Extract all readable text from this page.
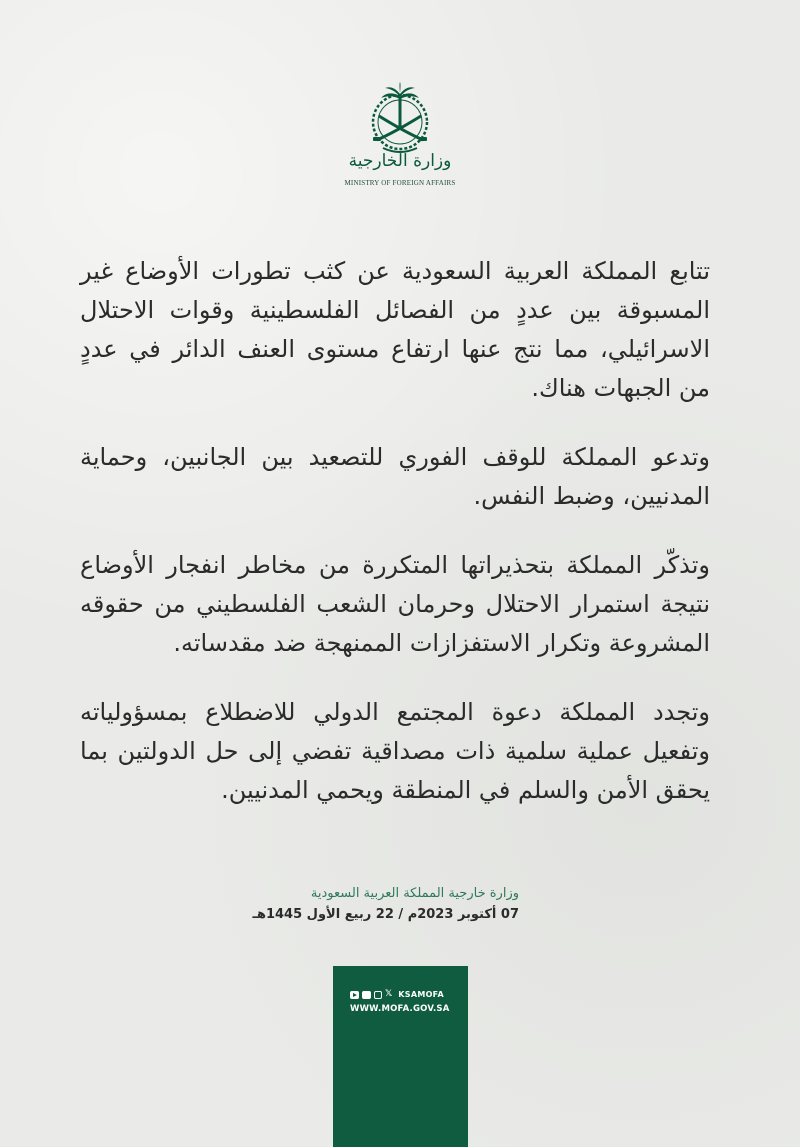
وزارة الخارجية
MINISTRY OF FOREIGN AFFAIRS

تتابع المملكة العربية السعودية عن كثب تطورات الأوضاع غير المسبوقة بين عددٍ من الفصائل الفلسطينية وقوات الاحتلال الاسرائيلي، مما نتج عنها ارتفاع مستوى العنف الدائر في عددٍ من الجبهات هناك.

وتدعو المملكة للوقف الفوري للتصعيد بين الجانبين، وحماية المدنيين، وضبط النفس.

وتذكّر المملكة بتحذيراتها المتكررة من مخاطر انفجار الأوضاع نتيجة استمرار الاحتلال وحرمان الشعب الفلسطيني من حقوقه المشروعة وتكرار الاستفزازات الممنهجة ضد مقدساته.

وتجدد المملكة دعوة المجتمع الدولي للاضطلاع بمسؤولياته وتفعيل عملية سلمية ذات مصداقية تفضي إلى حل الدولتين بما يحقق الأمن والسلم في المنطقة ويحمي المدنيين.

وزارة خارجية المملكة العربية السعودية
07 أكتوبر 2023م / 22 ربيع الأول 1445هـ
𝕏 KSAMOFA
WWW.MOFA.GOV.SA
